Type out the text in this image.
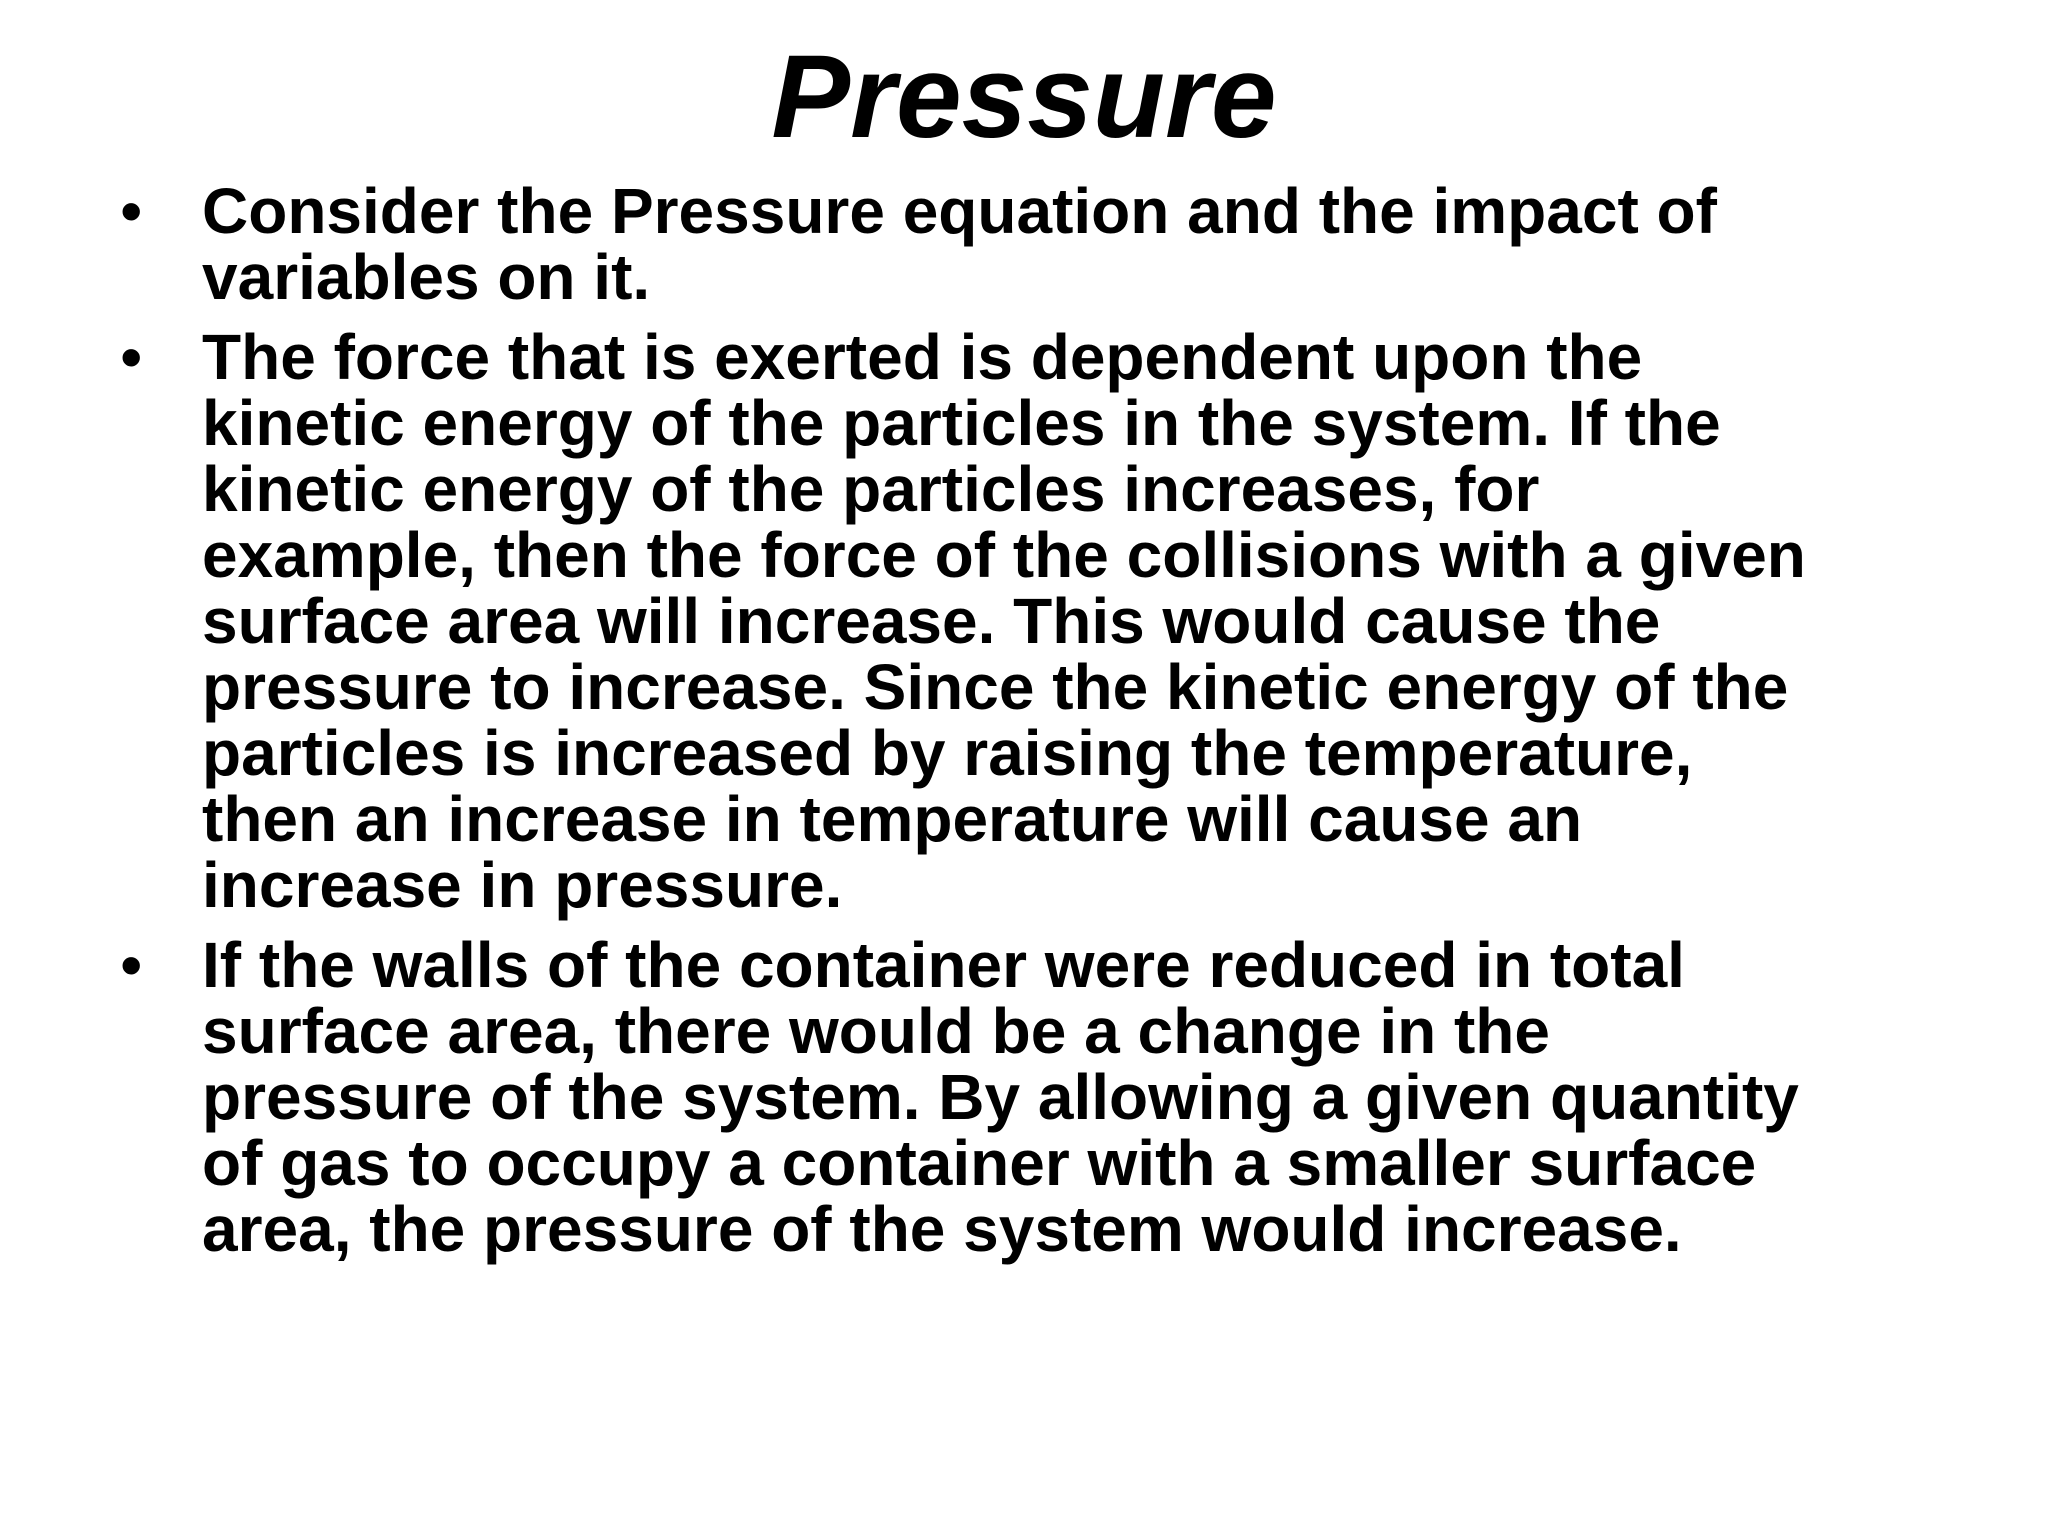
Pressure
• Consider the Pressure equation and the impact of
variables on it.

• The force that is exerted is dependent upon the
kinetic energy of the particles in the system. If the
kinetic energy of the particles increases, for
example, then the force of the collisions with a given
surface area will increase. This would cause the
pressure to increase. Since the kinetic energy of the
particles is increased by raising the temperature,
then an increase in temperature will cause an
increase in pressure.

• If the walls of the container were reduced in total
surface area, there would be a change in the
pressure of the system. By allowing a given quantity
of gas to occupy a container with a smaller surface
area, the pressure of the system would increase.
